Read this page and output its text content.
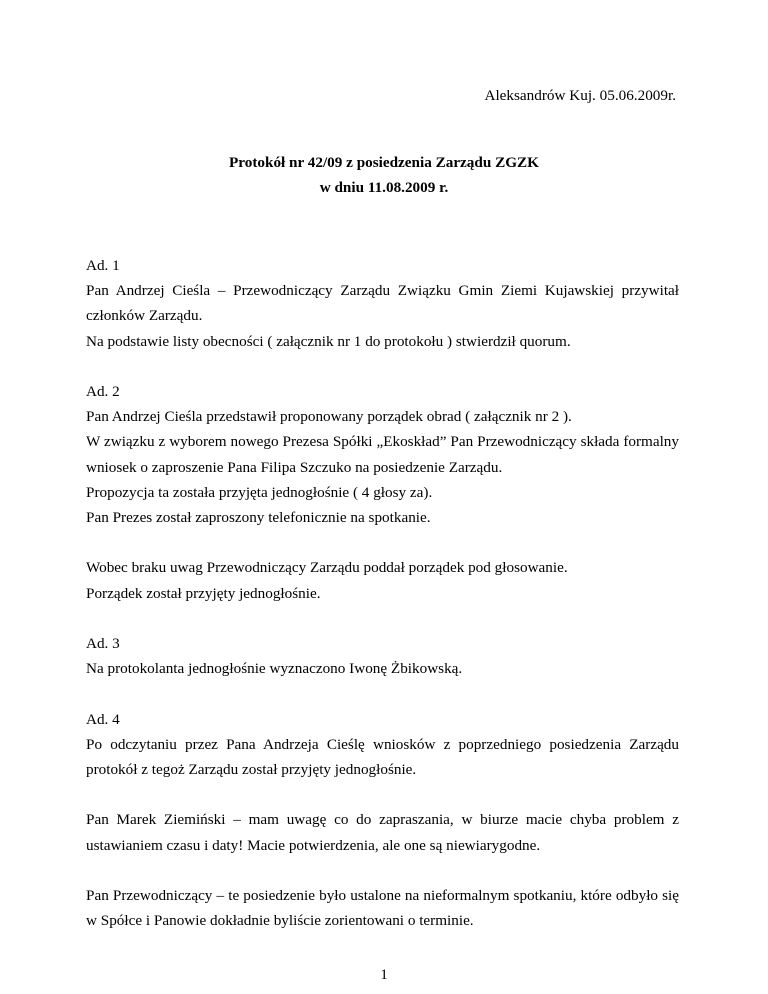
Aleksandrów Kuj. 05.06.2009r.
Protokół nr 42/09 z posiedzenia Zarządu ZGZK
w dniu 11.08.2009 r.

Ad. 1

Pan Andrzej Cieśla – Przewodniczący Zarządu Związku Gmin Ziemi Kujawskiej przywitał członków Zarządu.

Na podstawie listy obecności ( załącznik nr 1 do protokołu ) stwierdził quorum.

Ad. 2

Pan Andrzej Cieśla przedstawił proponowany porządek obrad ( załącznik nr 2 ).

W związku z wyborem nowego Prezesa Spółki „Ekoskład” Pan Przewodniczący składa formalny wniosek o zaproszenie Pana Filipa Szczuko na posiedzenie Zarządu.

Propozycja ta została przyjęta jednogłośnie ( 4 głosy za).

Pan Prezes został zaproszony telefonicznie na spotkanie.

Wobec braku uwag Przewodniczący Zarządu poddał porządek pod głosowanie.

Porządek został przyjęty jednogłośnie.

Ad. 3

Na protokolanta jednogłośnie wyznaczono Iwonę Żbikowską.

Ad. 4

Po odczytaniu przez Pana Andrzeja Cieślę wniosków z poprzedniego posiedzenia Zarządu protokół z tegoż Zarządu został przyjęty jednogłośnie.

Pan Marek Ziemiński – mam uwagę co do zapraszania, w biurze macie chyba problem z ustawianiem czasu i daty! Macie potwierdzenia, ale one są niewiarygodne.

Pan Przewodniczący – te posiedzenie było ustalone na nieformalnym spotkaniu, które odbyło się w Spółce i Panowie dokładnie byliście zorientowani o terminie.

1
